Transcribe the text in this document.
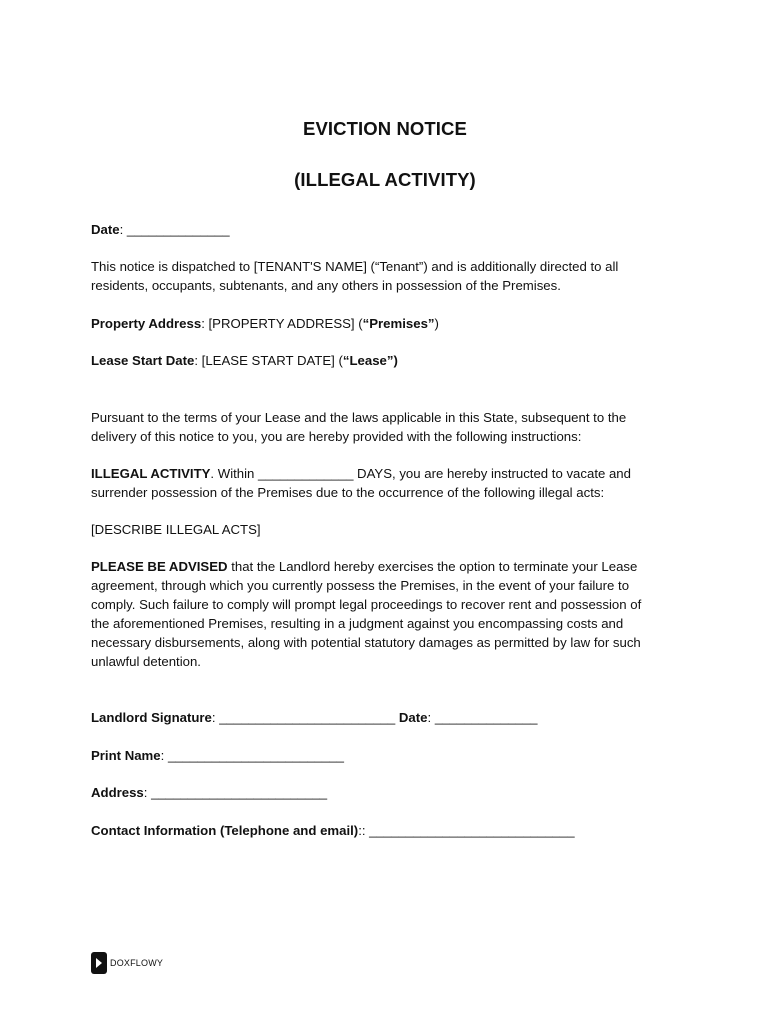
EVICTION NOTICE
(ILLEGAL ACTIVITY)
Date: ______________
This notice is dispatched to [TENANT'S NAME] (“Tenant”) and is additionally directed to all
residents, occupants, subtenants, and any others in possession of the Premises.
Property Address: [PROPERTY ADDRESS] (“Premises”)
Lease Start Date: [LEASE START DATE] (“Lease”)
Pursuant to the terms of your Lease and the laws applicable in this State, subsequent to the
delivery of this notice to you, you are hereby provided with the following instructions:
ILLEGAL ACTIVITY. Within _____________ DAYS, you are hereby instructed to vacate and
surrender possession of the Premises due to the occurrence of the following illegal acts:
[DESCRIBE ILLEGAL ACTS]
PLEASE BE ADVISED that the Landlord hereby exercises the option to terminate your Lease
agreement, through which you currently possess the Premises, in the event of your failure to
comply. Such failure to comply will prompt legal proceedings to recover rent and possession of
the aforementioned Premises, resulting in a judgment against you encompassing costs and
necessary disbursements, along with potential statutory damages as permitted by law for such
unlawful detention.
Landlord Signature: ________________________ Date: ______________
Print Name: ________________________
Address: ________________________
Contact Information (Telephone and email):: ____________________________
DOXFLOWY
